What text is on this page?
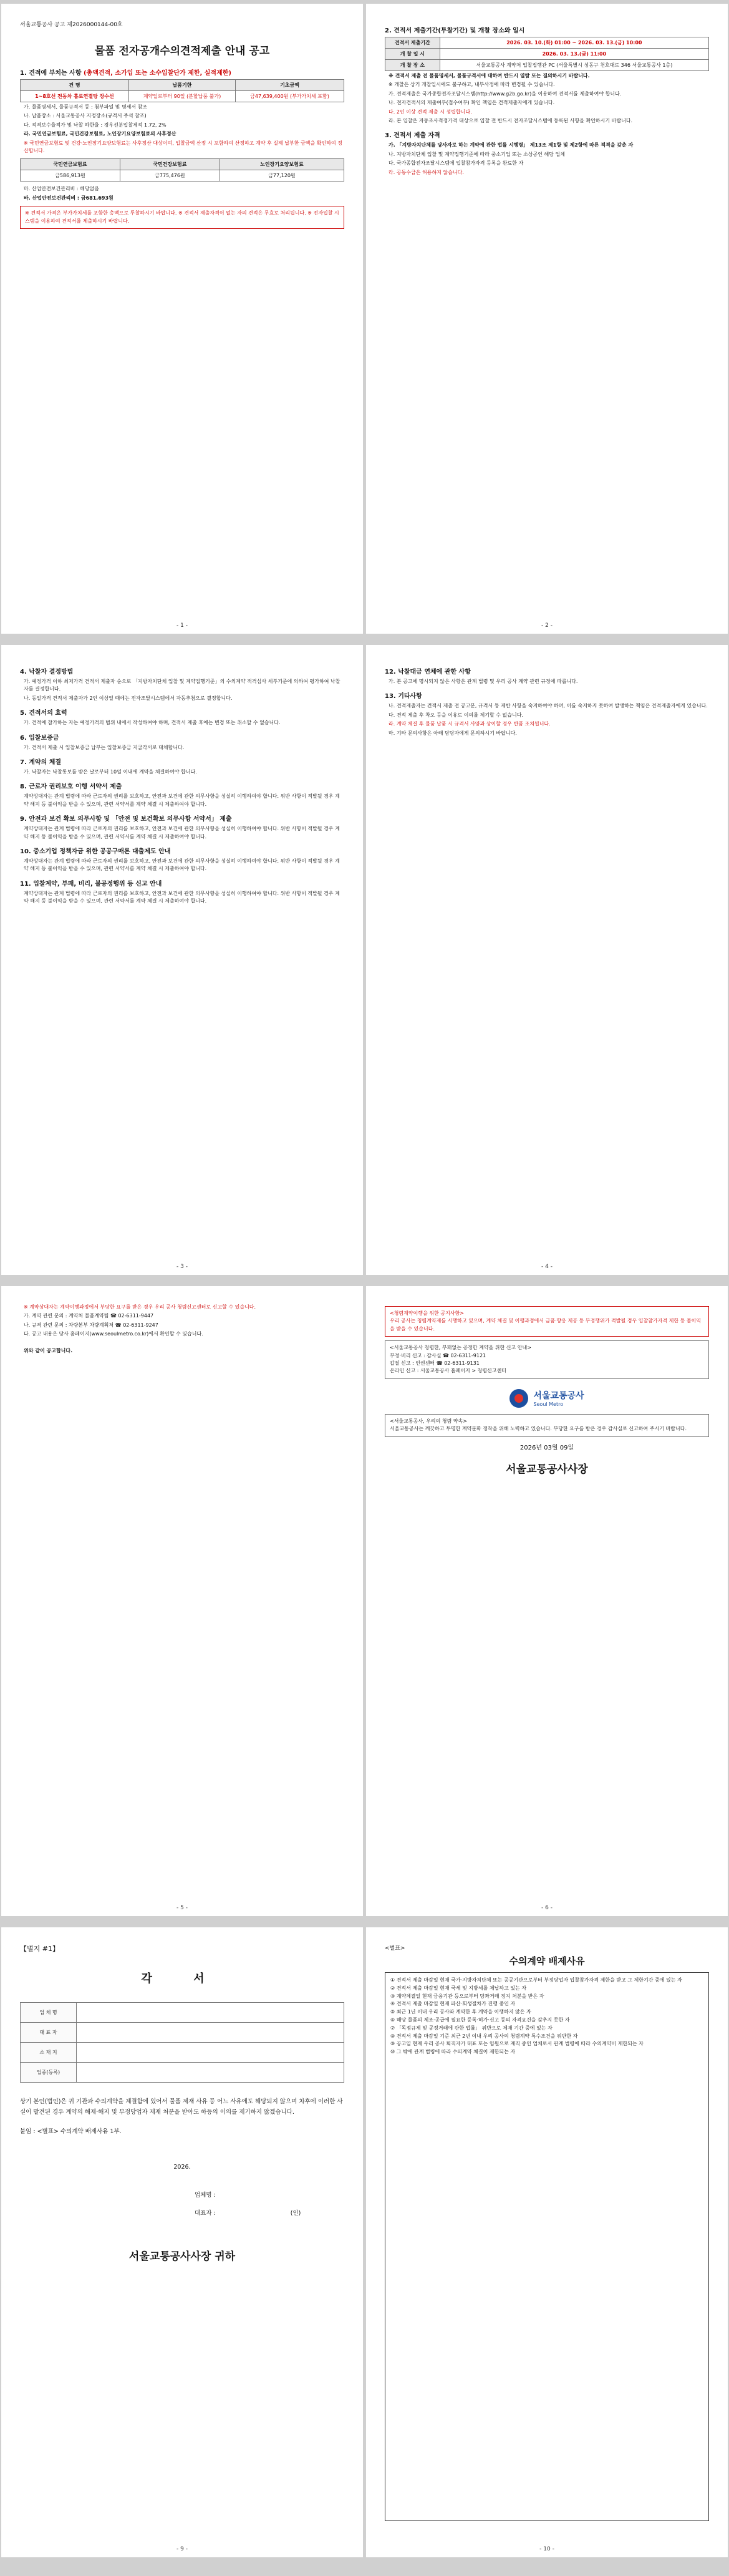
서울교통공사 공고 제2026000144-00호
물품 전자공개수의견적제출 안내 공고
1. 견적에 부치는 사항 (총액견적, 소가입 또는 소수입찰단가 제한, 실적제한)
건 명	납품기한	기초금액
1~8호선 전동차 흡로연결탕 장수선	계약일로부터 90일 (분할납품 불가)	금47,639,400원 (부가가치세 포함)
가. 물품명세서, 물품규격서 등 : 첨부파일 및 명세서 참조
나. 납품장소 : 서울교통공사 지정장소(규격서 주석 참조)
다. 적격보수율적가 및 낙찰 하한율 : 경우선분입찰제적 1.72, 2%
라. 국민연금보험료, 국민건강보험료, 노인장기요양보험료의 사후정산
※ 국민연금보험료 및 건강·노인장기요양보험료는 사후정산 대상이며, 입찰금액 산정 시 포함하여 산정하고 계약 후 실제 납부한 금액을 확인하여 정산합니다.
국민연금보험료	국민건강보험료	노인장기요양보험료
금586,913원	금775,476원	금77,120원
마. 산업안전보건관리비 : 해당없음
바. 산업안전보건관리비 : 금681,693원
※ 견적서 가격은 부가가치세를 포함한 총액으로 투찰하시기 바랍니다. ※ 견적서 제출자격이 없는 자의 견적은 무효로 처리됩니다. ※ 전자입찰 시스템을 이용하여 견적서를 제출하시기 바랍니다.
- 1 -
2. 견적서 제출기간(투찰기간) 및 개찰 장소와 일시
견적서 제출기간	2026. 03. 10.(화) 01:00 ~ 2026. 03. 13.(금) 10:00
개 찰 일 시	2026. 03. 13.(금) 11:00
개 찰 장 소	서울교통공사 계약처 입찰집행관 PC (서울특별시 성동구 천호대로 346 서울교통공사 1층)
※ 견적서 제출 전 물품명세서, 물품규격서에 대하여 반드시 열람 또는 질의하시기 바랍니다.
※ 개찰은 상기 개찰일시에도 불구하고, 내부사정에 따라 변경될 수 있습니다.
가. 견적제출은 국가종합전자조달시스템(http://www.g2b.go.kr)을 이용하여 견적서를 제출하여야 합니다.
나. 전자견적서의 제출여부(접수여부) 확인 책임은 견적제출자에게 있습니다.
다. 2인 이상 견적 제출 시 성립합니다.
라. 본 입찰은 자동조사적정가격 대상으로 입찰 전 반드시 전자조달시스템에 등록된 사항을 확인하시기 바랍니다.
3. 견적서 제출 자격
가. 「지방자치단체를 당사자로 하는 계약에 관한 법률 시행령」 제13조 제1항 및 제2항에 따른 적격을 갖춘 자
나. 지방자치단체 입찰 및 계약집행기준에 따라 중소기업 또는 소상공인 해당 업체
다. 국가종합전자조달시스템에 입찰참가자격 등록을 완료한 자
라. 공동수급은 허용하지 않습니다.
- 2 -
4. 낙찰자 결정방법
가. 예정가격 이하 최저가격 견적서 제출자 순으로 「지방자치단체 입찰 및 계약집행기준」의 수의계약 적격심사 세부기준에 의하여 평가하여 낙찰자를 결정합니다.
나. 동일가격 견적서 제출자가 2인 이상일 때에는 전자조달시스템에서 자동추첨으로 결정합니다.
5. 견적서의 효력
가. 견적에 참가하는 자는 예정가격의 범위 내에서 작성하여야 하며, 견적서 제출 후에는 변경 또는 취소할 수 없습니다.
6. 입찰보증금
가. 견적서 제출 시 입찰보증금 납부는 입찰보증금 지급각서로 대체합니다.
7. 계약의 체결
가. 낙찰자는 낙찰통보를 받은 날로부터 10일 이내에 계약을 체결하여야 합니다.
8. 근로자 권리보호 이행 서약서 제출
계약상대자는 관계 법령에 따라 근로자의 권리를 보호하고, 안전과 보건에 관한 의무사항을 성실히 이행하여야 합니다. 위반 사항이 적발될 경우 계약 해지 등 불이익을 받을 수 있으며, 관련 서약서를 계약 체결 시 제출하여야 합니다.
9. 안전과 보건 확보 의무사항 및 「안전 및 보건확보 의무사항 서약서」 제출
계약상대자는 관계 법령에 따라 근로자의 권리를 보호하고, 안전과 보건에 관한 의무사항을 성실히 이행하여야 합니다. 위반 사항이 적발될 경우 계약 해지 등 불이익을 받을 수 있으며, 관련 서약서를 계약 체결 시 제출하여야 합니다.
10. 중소기업 정책자금 위한 공공구매론 대출제도 안내
계약상대자는 관계 법령에 따라 근로자의 권리를 보호하고, 안전과 보건에 관한 의무사항을 성실히 이행하여야 합니다. 위반 사항이 적발될 경우 계약 해지 등 불이익을 받을 수 있으며, 관련 서약서를 계약 체결 시 제출하여야 합니다.
11. 입찰계약, 부패, 비리, 불공정행위 등 신고 안내
계약상대자는 관계 법령에 따라 근로자의 권리를 보호하고, 안전과 보건에 관한 의무사항을 성실히 이행하여야 합니다. 위반 사항이 적발될 경우 계약 해지 등 불이익을 받을 수 있으며, 관련 서약서를 계약 체결 시 제출하여야 합니다.
- 3 -
12. 낙찰대금 연체에 관한 사항
가. 본 공고에 명시되지 않은 사항은 관계 법령 및 우리 공사 계약 관련 규정에 따릅니다.
13. 기타사항
나. 견적제출자는 견적서 제출 전 공고문, 규격서 등 제반 사항을 숙지하여야 하며, 이를 숙지하지 못하여 발생하는 책임은 견적제출자에게 있습니다.
다. 견적 제출 후 착오 등을 이유로 이의를 제기할 수 없습니다.
라. 계약 체결 후 물품 납품 시 규격서 사양과 상이할 경우 반품 조치됩니다.
마. 기타 문의사항은 아래 담당자에게 문의하시기 바랍니다.
- 4 -
※ 계약상대자는 계약이행과정에서 부당한 요구를 받은 경우 우리 공사 청렴신고센터로 신고할 수 있습니다.
가. 계약 관련 문의 : 계약처 물품계약팀 ☎ 02-6311-9447
나. 규격 관련 문의 : 차량본부 차량계획처 ☎ 02-6311-9247
다. 공고 내용은 당사 홈페이지(www.seoulmetro.co.kr)에서 확인할 수 있습니다.
위와 같이 공고합니다.
- 5 -
<청렴계약이행을 위한 공지사항>
우리 공사는 청렴계약제를 시행하고 있으며, 계약 체결 및 이행과정에서 금품·향응 제공 등 부정행위가 적발될 경우 입찰참가자격 제한 등 불이익을 받을 수 있습니다.
<서울교통공사 청렴한, 부패없는 공정한 계약을 위한 신고 안내>
부정·비리 신고 : 감사실 ☎ 02-6311-9121
갑질 신고 : 인권센터 ☎ 02-6311-9131
온라인 신고 : 서울교통공사 홈페이지 > 청렴신고센터
서울교통공사
Seoul Metro
<서울교통공사, 우리의 청렴 약속>
서울교통공사는 깨끗하고 투명한 계약문화 정착을 위해 노력하고 있습니다. 부당한 요구를 받은 경우 감사실로 신고하여 주시기 바랍니다.
2026년 03월 09일
서울교통공사사장
- 6 -
【별지 #1】
각 서
업 체 명	
대 표 자	
소 재 지	
업종(등록)	
상기 본인(법인)은 귀 기관과 수의계약을 체결함에 있어서 물품 제재 사유 등 어느 사유에도 해당되지 않으며 차후에 이러한 사실이 발견된 경우 계약의 해제·해지 및 부정당업자 제재 처분을 받아도 하등의 이의를 제기하지 않겠습니다.
붙임 : <별표> 수의계약 배제사유 1부.
2026.
업체명 :
대표자 :	(인)
서울교통공사사장 귀하
- 9 -
<별표>
수의계약 배제사유
① 견적서 제출 마감일 현재 국가·지방자치단체 또는 공공기관으로부터 부정당업자 입찰참가자격 제한을 받고 그 제한기간 중에 있는 자
② 견적서 제출 마감일 현재 국세 및 지방세를 체납하고 있는 자
③ 계약체결일 현재 금융기관 등으로부터 당좌거래 정지 처분을 받은 자
④ 견적서 제출 마감일 현재 파산·회생절차가 진행 중인 자
⑤ 최근 1년 이내 우리 공사와 계약한 후 계약을 이행하지 않은 자
⑥ 해당 물품의 제조·공급에 필요한 등록·허가·신고 등의 자격요건을 갖추지 못한 자
⑦ 「독점규제 및 공정거래에 관한 법률」 위반으로 제재 기간 중에 있는 자
⑧ 견적서 제출 마감일 기준 최근 2년 이내 우리 공사의 청렴계약 특수조건을 위반한 자
⑨ 공고일 현재 우리 공사 퇴직자가 대표 또는 임원으로 재직 중인 업체로서 관계 법령에 따라 수의계약이 제한되는 자
⑩ 그 밖에 관계 법령에 따라 수의계약 체결이 제한되는 자
- 10 -
